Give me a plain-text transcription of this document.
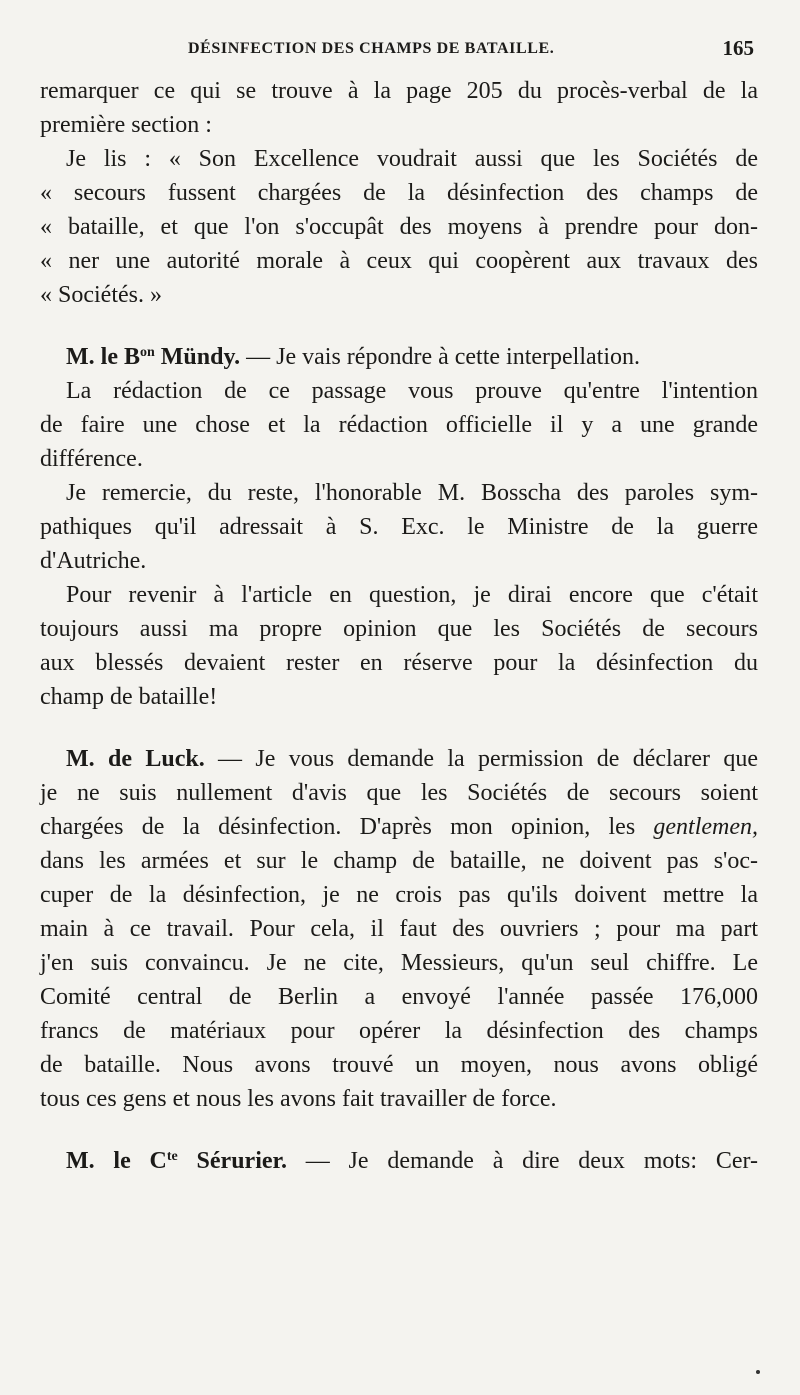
DÉSINFECTION DES CHAMPS DE BATAILLE.	165
remarquer ce qui se trouve à la page 205 du procès-verbal de la
première section :
Je lis : « Son Excellence voudrait aussi que les Sociétés de
« secours fussent chargées de la désinfection des champs de
« bataille, et que l'on s'occupât des moyens à prendre pour don-
« ner une autorité morale à ceux qui coopèrent aux travaux des
« Sociétés. »
M. le $B^{on}$ Mündy. — Je vais répondre à cette interpellation.
La rédaction de ce passage vous prouve qu'entre l'intention
de faire une chose et la rédaction officielle il y a une grande
différence.
Je remercie, du reste, l'honorable M. Bosscha des paroles sym-
pathiques qu'il adressait à S. Exc. le Ministre de la guerre
d'Autriche.
Pour revenir à l'article en question, je dirai encore que c'était
toujours aussi ma propre opinion que les Sociétés de secours
aux blessés devaient rester en réserve pour la désinfection du
champ de bataille!
M. de Luck. — Je vous demande la permission de déclarer que
je ne suis nullement d'avis que les Sociétés de secours soient
chargées de la désinfection. D'après mon opinion, les gentlemen,
dans les armées et sur le champ de bataille, ne doivent pas s'oc-
cuper de la désinfection, je ne crois pas qu'ils doivent mettre la
main à ce travail. Pour cela, il faut des ouvriers ; pour ma part
j'en suis convaincu. Je ne cite, Messieurs, qu'un seul chiffre. Le
Comité central de Berlin a envoyé l'année passée 176,000
francs de matériaux pour opérer la désinfection des champs
de bataille. Nous avons trouvé un moyen, nous avons obligé
tous ces gens et nous les avons fait travailler de force.
M. le $C^{te}$ Sérurier. — Je demande à dire deux mots: Cer-
